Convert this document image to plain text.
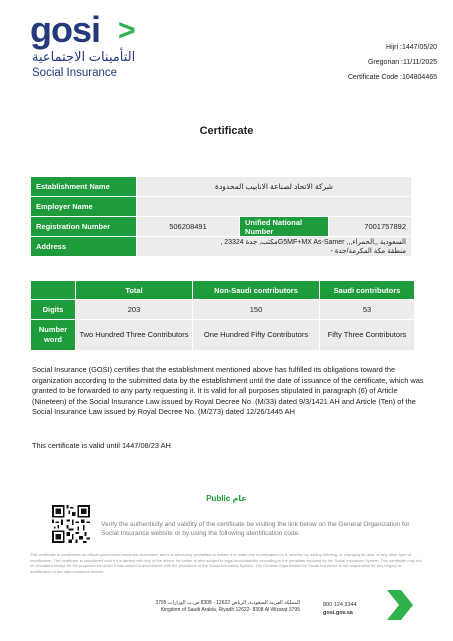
gosi >
التأمينات الاجتماعية
Social Insurance
Hijri :1447/05/20
Gregorian :11/11/2025
Certificate Code :104804465
Certificate
Establishment Name	شركة الاتحاد لصناعة الانابيب المحدودة		
Employer Name			
Registration Number	506208491	Unified National Number	7001757892
Address	السعودية ,,الحمراء,,, G5MF+MX As-Samerمكتب, جدة 23324 ,
منطقة مكة المكرمة/جدة -		
	Total	Non-Saudi contributors	Saudi contributors
Digits	203	150	53
Number word	Two Hundred Three Contributors	One Hundred Fifty Contributors	Fifty Three Contributors
Social Insurance (GOSI) certifies that the establishment mentioned above has fulfilled its obligations toward the organization according to the submitted data by the establishment until the date of issuance of the certificate, which was granted to be forwarded to any party requesting it. It is valid for all purposes stipulated in paragraph (6) of Article (Nineteen) of the Social Insurance Law issued by Royal Decree No. (M/33) dated 9/3/1421 AH and Article (Ten) of the Social Insurance Law issued by Royal Decree No. (M/273) dated 12/26/1445 AH
This certificate is valid until 1447/08/23 AH
Public عام
Verify the authenticity and validity of the certificate be visiting the link below on the General Organization for Social Insurance website or by using the following identification code.
This certificate is considered an official government electronic document, and it is absolutely prohibited to imitate it or make any modifications to it, whether by adding deleting, or changing its data, or any other type of modification. The certificate is considered void if it is tainted with any of the above. Its holder is also subject to legal accountability according to the penalties imposed by the Social Insurance System. This certificate may not be circulated except for the purposes for which it was issued in accordance with the provisions of the Social Insurance System. The General Organization for Social Insurance is not responsible for any forgery or modification of the data contained therein
المملكة العربية السعودية، الرياض 12622 - 8308 ص.ب الوزارات 3795
Kingdom of Saudi Arabia, Riyadh 12622- 8308 Al Wizarat 3795
800 124 3344
gosi.gov.sa
